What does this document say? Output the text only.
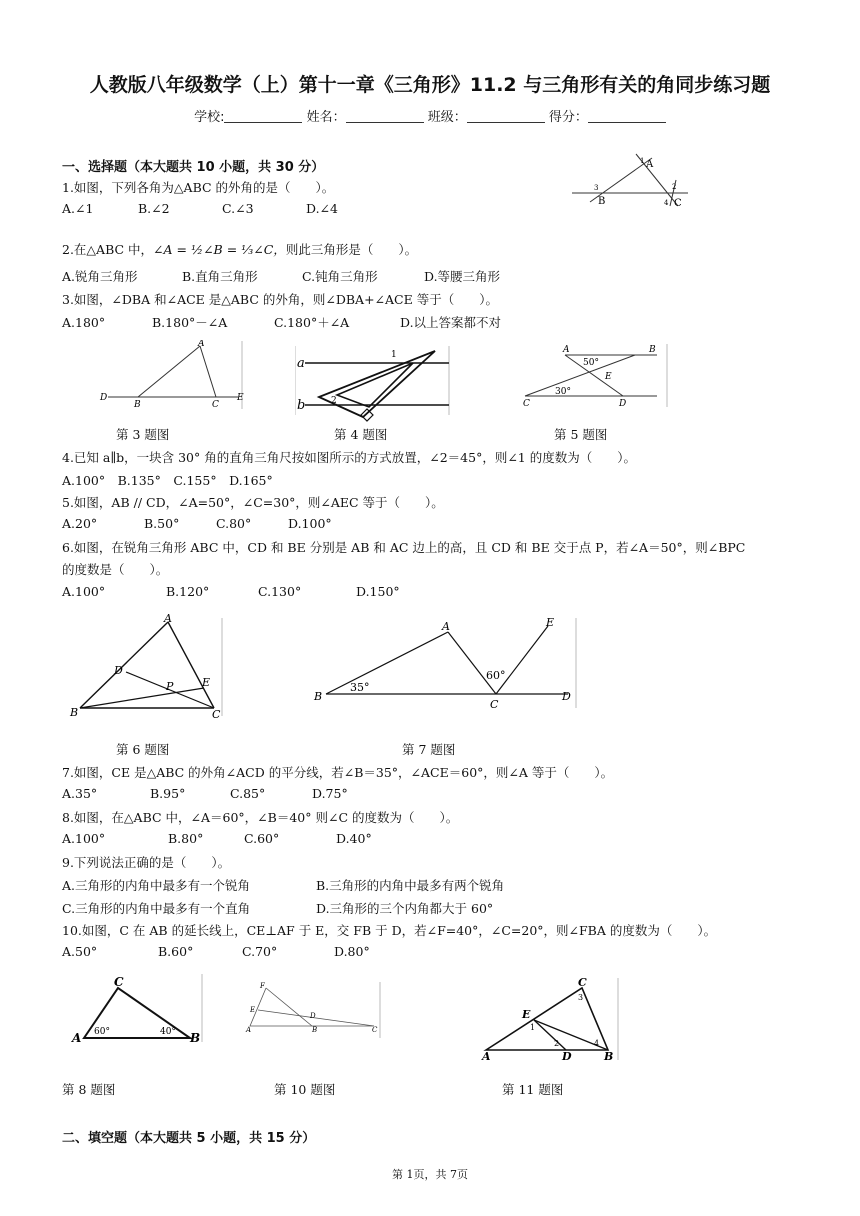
人教版八年级数学（上）第十一章《三角形》11.2 与三角形有关的角同步练习题
学校:	姓名：	班级：	得分：
一、选择题（本大题共 10 小题，共 30 分）
1.如图，下列各角为△ABC 的外角的是（　　）。
A.∠1	B.∠2	C.∠3	D.∠4
A
B	C
3	2
4
1
2.在△ABC 中，∠A = ½∠B = ⅓∠C，则此三角形是（　　）。
A.锐角三角形	B.直角三角形	C.钝角三角形	D.等腰三角形
3.如图，∠DBA 和∠ACE 是△ABC 的外角，则∠DBA+∠ACE 等于（　　）。
A.180°	B.180°－∠A	C.180°＋∠A	D.以上答案都不对
A
D
B	C
E
a
b
1
2
A	B
C	D
E
50°
30°
第 3 题图	第 4 题图	第 5 题图
4.已知 a∥b，一块含 30° 角的直角三角尺按如图所示的方式放置，∠2＝45°，则∠1 的度数为（　　）。
A.100°　B.135°　C.155°　D.165°
5.如图，AB // CD，∠A=50°，∠C=30°，则∠AEC 等于（　　）。
A.20°	B.50°	C.80°	D.100°
6.如图，在锐角三角形 ABC 中，CD 和 BE 分别是 AB 和 AC 边上的高，且 CD 和 BE 交于点 P，若∠A＝50°，则∠BPC
的度数是（　　）。
A.100°	B.120°	C.130°	D.150°
A
B	C
D
E
P
A
B
C
D
E
35°
60°
第 6 题图	第 7 题图
7.如图，CE 是△ABC 的外角∠ACD 的平分线，若∠B＝35°，∠ACE＝60°，则∠A 等于（　　）。
A.35°	B.95°	C.85°	D.75°
8.如图，在△ABC 中，∠A＝60°，∠B＝40° 则∠C 的度数为（　　）。
A.100°	B.80°	C.60°	D.40°
9.下列说法正确的是（　　）。
A.三角形的内角中最多有一个锐角	B.三角形的内角中最多有两个锐角
C.三角形的内角中最多有一个直角	D.三角形的三个内角都大于 60°
10.如图，C 在 AB 的延长线上，CE⊥AF 于 E，交 FB 于 D，若∠F=40°，∠C=20°，则∠FBA 的度数为（　　）。
A.50°	B.60°	C.70°	D.80°
C
A	B
60°	40°
F
E
D
A	B	C
C
E
A	D	B
1
2
3
4
第 8 题图	第 10 题图	第 11 题图
二、填空题（本大题共 5 小题，共 15 分）
第 1页，共 7页
